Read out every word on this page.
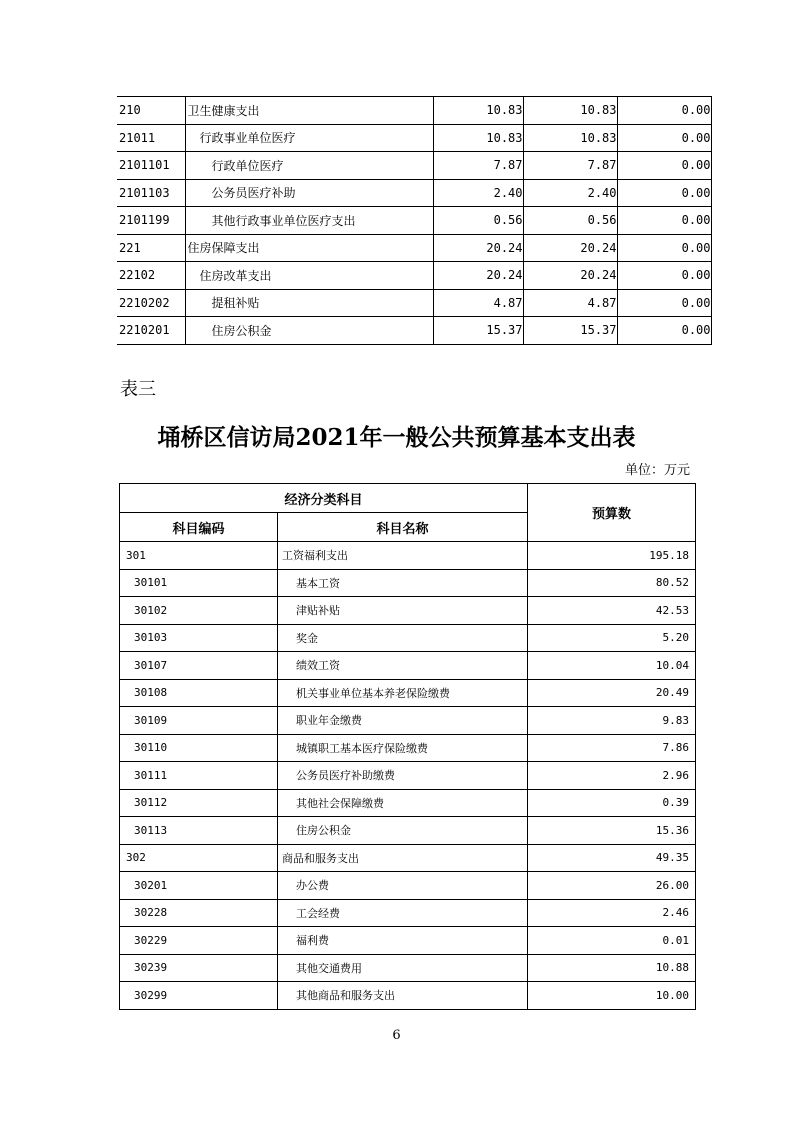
210	卫生健康支出	10.83	10.83	0.00
21011	行政事业单位医疗	10.83	10.83	0.00
2101101	行政单位医疗	7.87	7.87	0.00
2101103	公务员医疗补助	2.40	2.40	0.00
2101199	其他行政事业单位医疗支出	0.56	0.56	0.00
221	住房保障支出	20.24	20.24	0.00
22102	住房改革支出	20.24	20.24	0.00
2210202	提租补贴	4.87	4.87	0.00
2210201	住房公积金	15.37	15.37	0.00
表三
埇桥区信访局2021年一般公共预算基本支出表
单位：万元
经济分类科目		预算数
科目编码	科目名称	
301	工资福利支出	195.18
30101	基本工资	80.52
30102	津贴补贴	42.53
30103	奖金	5.20
30107	绩效工资	10.04
30108	机关事业单位基本养老保险缴费	20.49
30109	职业年金缴费	9.83
30110	城镇职工基本医疗保险缴费	7.86
30111	公务员医疗补助缴费	2.96
30112	其他社会保障缴费	0.39
30113	住房公积金	15.36
302	商品和服务支出	49.35
30201	办公费	26.00
30228	工会经费	2.46
30229	福利费	0.01
30239	其他交通费用	10.88
30299	其他商品和服务支出	10.00
6
